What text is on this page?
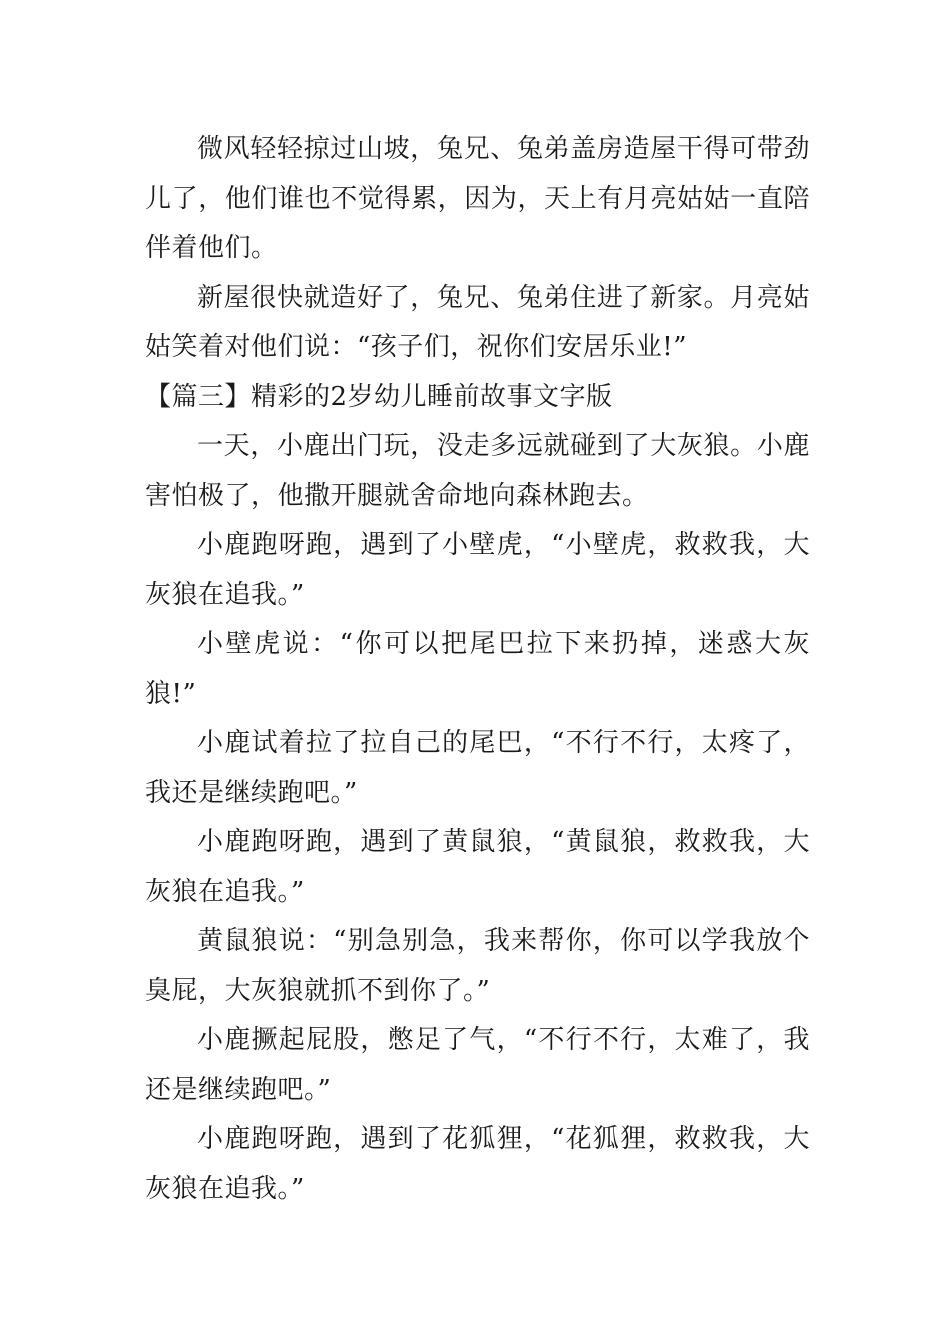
微风轻轻掠过山坡，兔兄、兔弟盖房造屋干得可带劲儿了，他们谁也不觉得累，因为，天上有月亮姑姑一直陪伴着他们。

新屋很快就造好了，兔兄、兔弟住进了新家。月亮姑姑笑着对他们说：“孩子们，祝你们安居乐业!”

【篇三】精彩的2岁幼儿睡前故事文字版

一天，小鹿出门玩，没走多远就碰到了大灰狼。小鹿害怕极了，他撒开腿就舍命地向森林跑去。

小鹿跑呀跑，遇到了小壁虎，“小壁虎，救救我，大灰狼在追我。”

小壁虎说：“你可以把尾巴拉下来扔掉，迷惑大灰狼!”

小鹿试着拉了拉自己的尾巴，“不行不行，太疼了，我还是继续跑吧。”

小鹿跑呀跑，遇到了黄鼠狼，“黄鼠狼，救救我，大灰狼在追我。”

黄鼠狼说：“别急别急，我来帮你，你可以学我放个臭屁，大灰狼就抓不到你了。”

小鹿撅起屁股，憋足了气，“不行不行，太难了，我还是继续跑吧。”

小鹿跑呀跑，遇到了花狐狸，“花狐狸，救救我，大灰狼在追我。”
